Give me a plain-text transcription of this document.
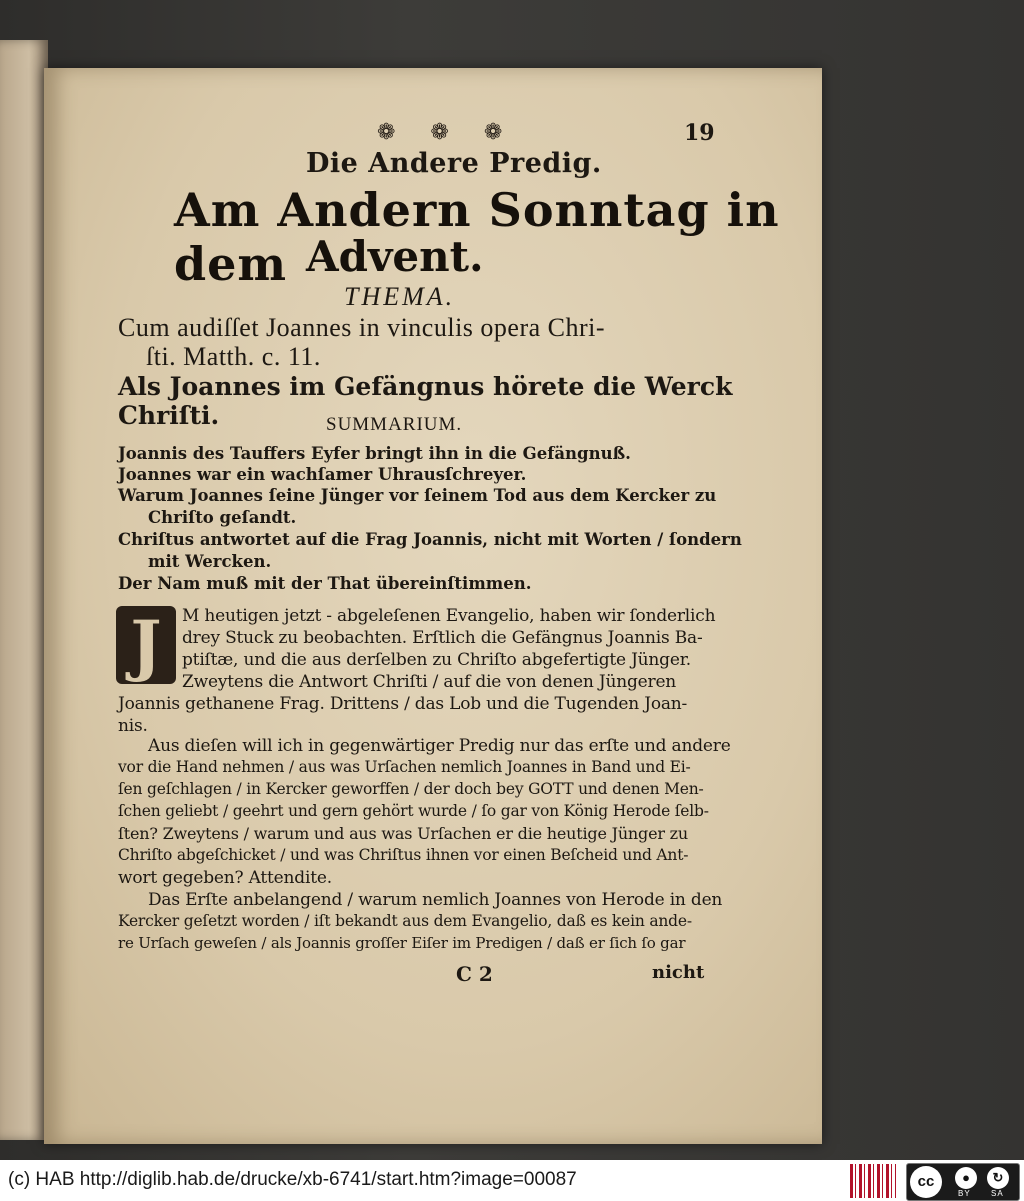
❁ ❁ ❁	19
Die Andere Predig.
Am Andern Sonntag in dem Advent.
THEMA.
Cum audiſſet Joannes in vinculis opera Chri-
ſti. Matth. c. 11.
Als Joannes im Gefängnus hörete die Werck Chriſti.	SUMMARIUM.
Joannis des Tauffers Eyfer bringt ihn in die Gefängnuß.
Joannes war ein wachſamer Uhrausſchreyer.
Warum Joannes ſeine Jünger vor ſeinem Tod aus dem Kercker zu
Chriſto geſandt.
Chriſtus antwortet auf die Frag Joannis, nicht mit Worten / ſondern
mit Wercken.
Der Nam muß mit der That übereinſtimmen.
J	M heutigen jetzt - abgeleſenen Evangelio, haben wir ſonderlich
drey Stuck zu beobachten. Erſtlich die Gefängnus Joannis Ba-
ptiſtæ, und die aus derſelben zu Chriſto abgefertigte Jünger.
Zweytens die Antwort Chriſti / auf die von denen Jüngeren
Joannis gethanene Frag. Drittens / das Lob und die Tugenden Joan-
nis.
Aus dieſen will ich in gegenwärtiger Predig nur das erſte und andere
vor die Hand nehmen / aus was Urſachen nemlich Joannes in Band und Ei-
ſen geſchlagen / in Kercker geworffen / der doch bey GOTT und denen Men-
ſchen geliebt / geehrt und gern gehört wurde / ſo gar von König Herode ſelb-
ſten? Zweytens / warum und aus was Urſachen er die heutige Jünger zu
Chriſto abgeſchicket / und was Chriſtus ihnen vor einen Beſcheid und Ant-
wort gegeben? Attendite.
Das Erſte anbelangend / warum nemlich Joannes von Herode in den
Kercker geſetzt worden / iſt bekandt aus dem Evangelio, daß es kein ande-
re Urſach geweſen / als Joannis groſſer Eiſer im Predigen / daß er ſich ſo gar
C 2	nicht
(c) HAB http://diglib.hab.de/drucke/xb-6741/start.htm?image=00087	cc	●	↻
BY	SA
